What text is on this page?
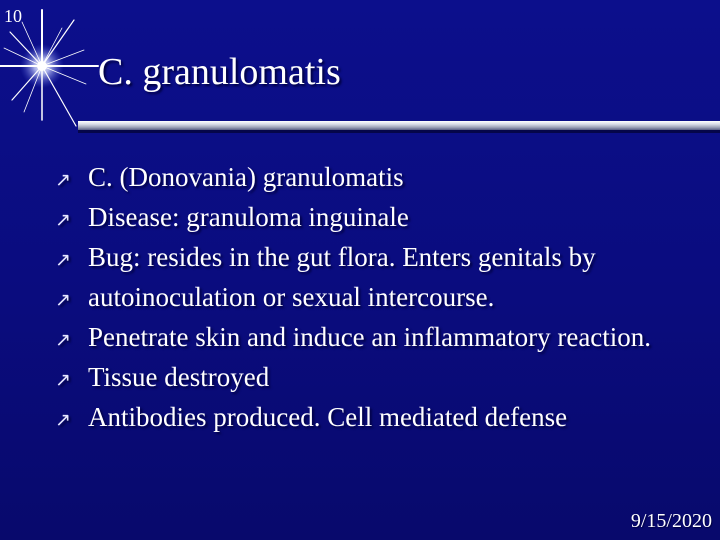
10
C. granulomatis
↗ C. (Donovania) granulomatis
↗ Disease: granuloma inguinale
↗ Bug: resides in the gut flora. Enters genitals by
↗ autoinoculation or sexual intercourse.
↗ Penetrate skin and induce an inflammatory reaction.
↗ Tissue destroyed
↗ Antibodies produced. Cell mediated defense
9/15/2020
